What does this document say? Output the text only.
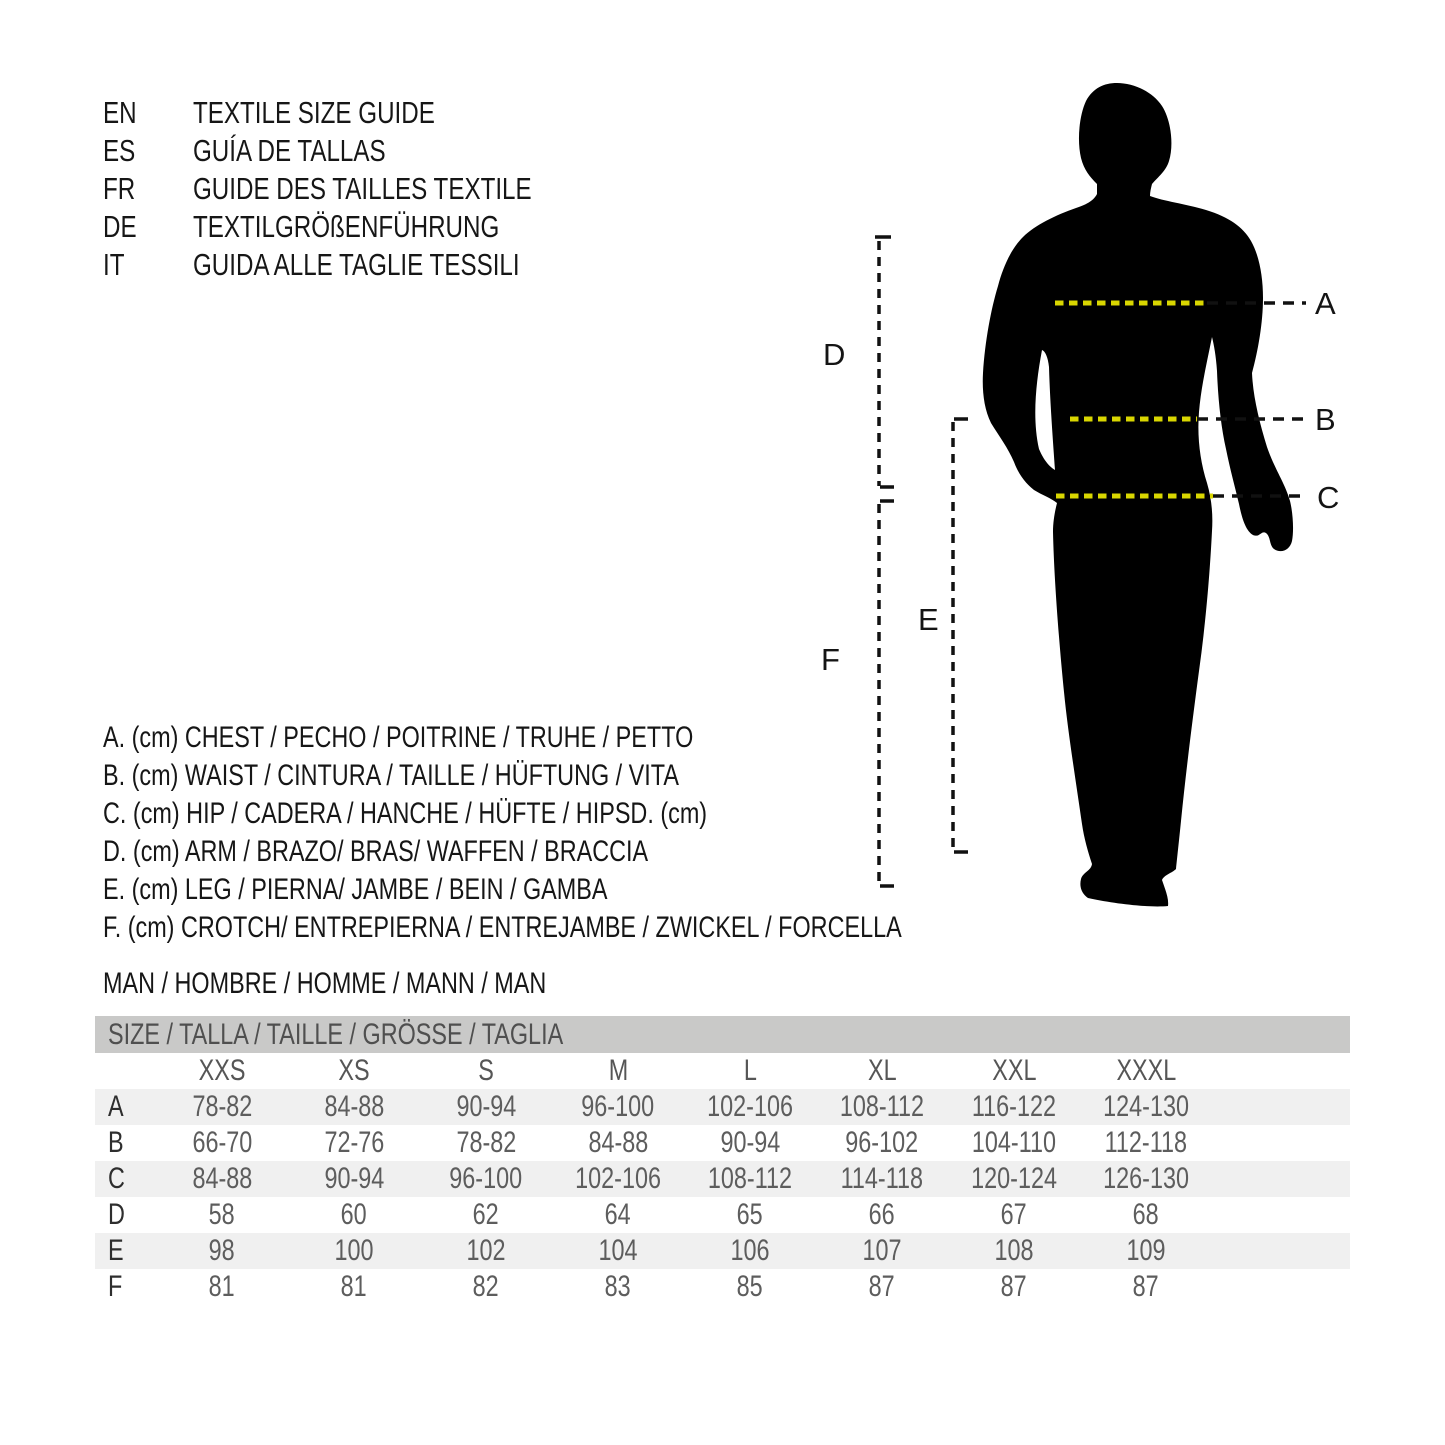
EN	TEXTILE SIZE GUIDE
ES GUÍA DE TALLAS
FR GUIDE DES TAILLES TEXTILE
DE	TEXTILGRÖßENFÜHRUNG
IT GUIDA ALLE TAGLIE TESSILI
A. (cm) CHEST / PECHO / POITRINE / TRUHE / PETTO
B. (cm) WAIST / CINTURA / TAILLE / HÜFTUNG / VITA
C. (cm) HIP / CADERA / HANCHE / HÜFTE / HIPSD. (cm)
D. (cm) ARM / BRAZO/ BRAS/ WAFFEN / BRACCIA
E. (cm) LEG / PIERNA/ JAMBE / BEIN / GAMBA
F. (cm) CROTCH/ ENTREPIERNA / ENTREJAMBE / ZWICKEL / FORCELLA
MAN / HOMBRE / HOMME / MANN / MAN
SIZE / TALLA / TAILLE / GRÖSSE / TAGLIA
XXS	XS	S	M	L	XL	XXL	XXXL
A	78-82	84-88	90-94	96-100	102-106	108-112	116-122	124-130
B	66-70	72-76	78-82	84-88	90-94	96-102	104-110	112-118
C	84-88	90-94	96-100	102-106	108-112	114-118	120-124	126-130
D	58	60	62	64	65	66	67	68
E	98	100	102	104	106	107	108	109
F	81	81	82	83	85	87	87	87
A
B
C
D
E
F
